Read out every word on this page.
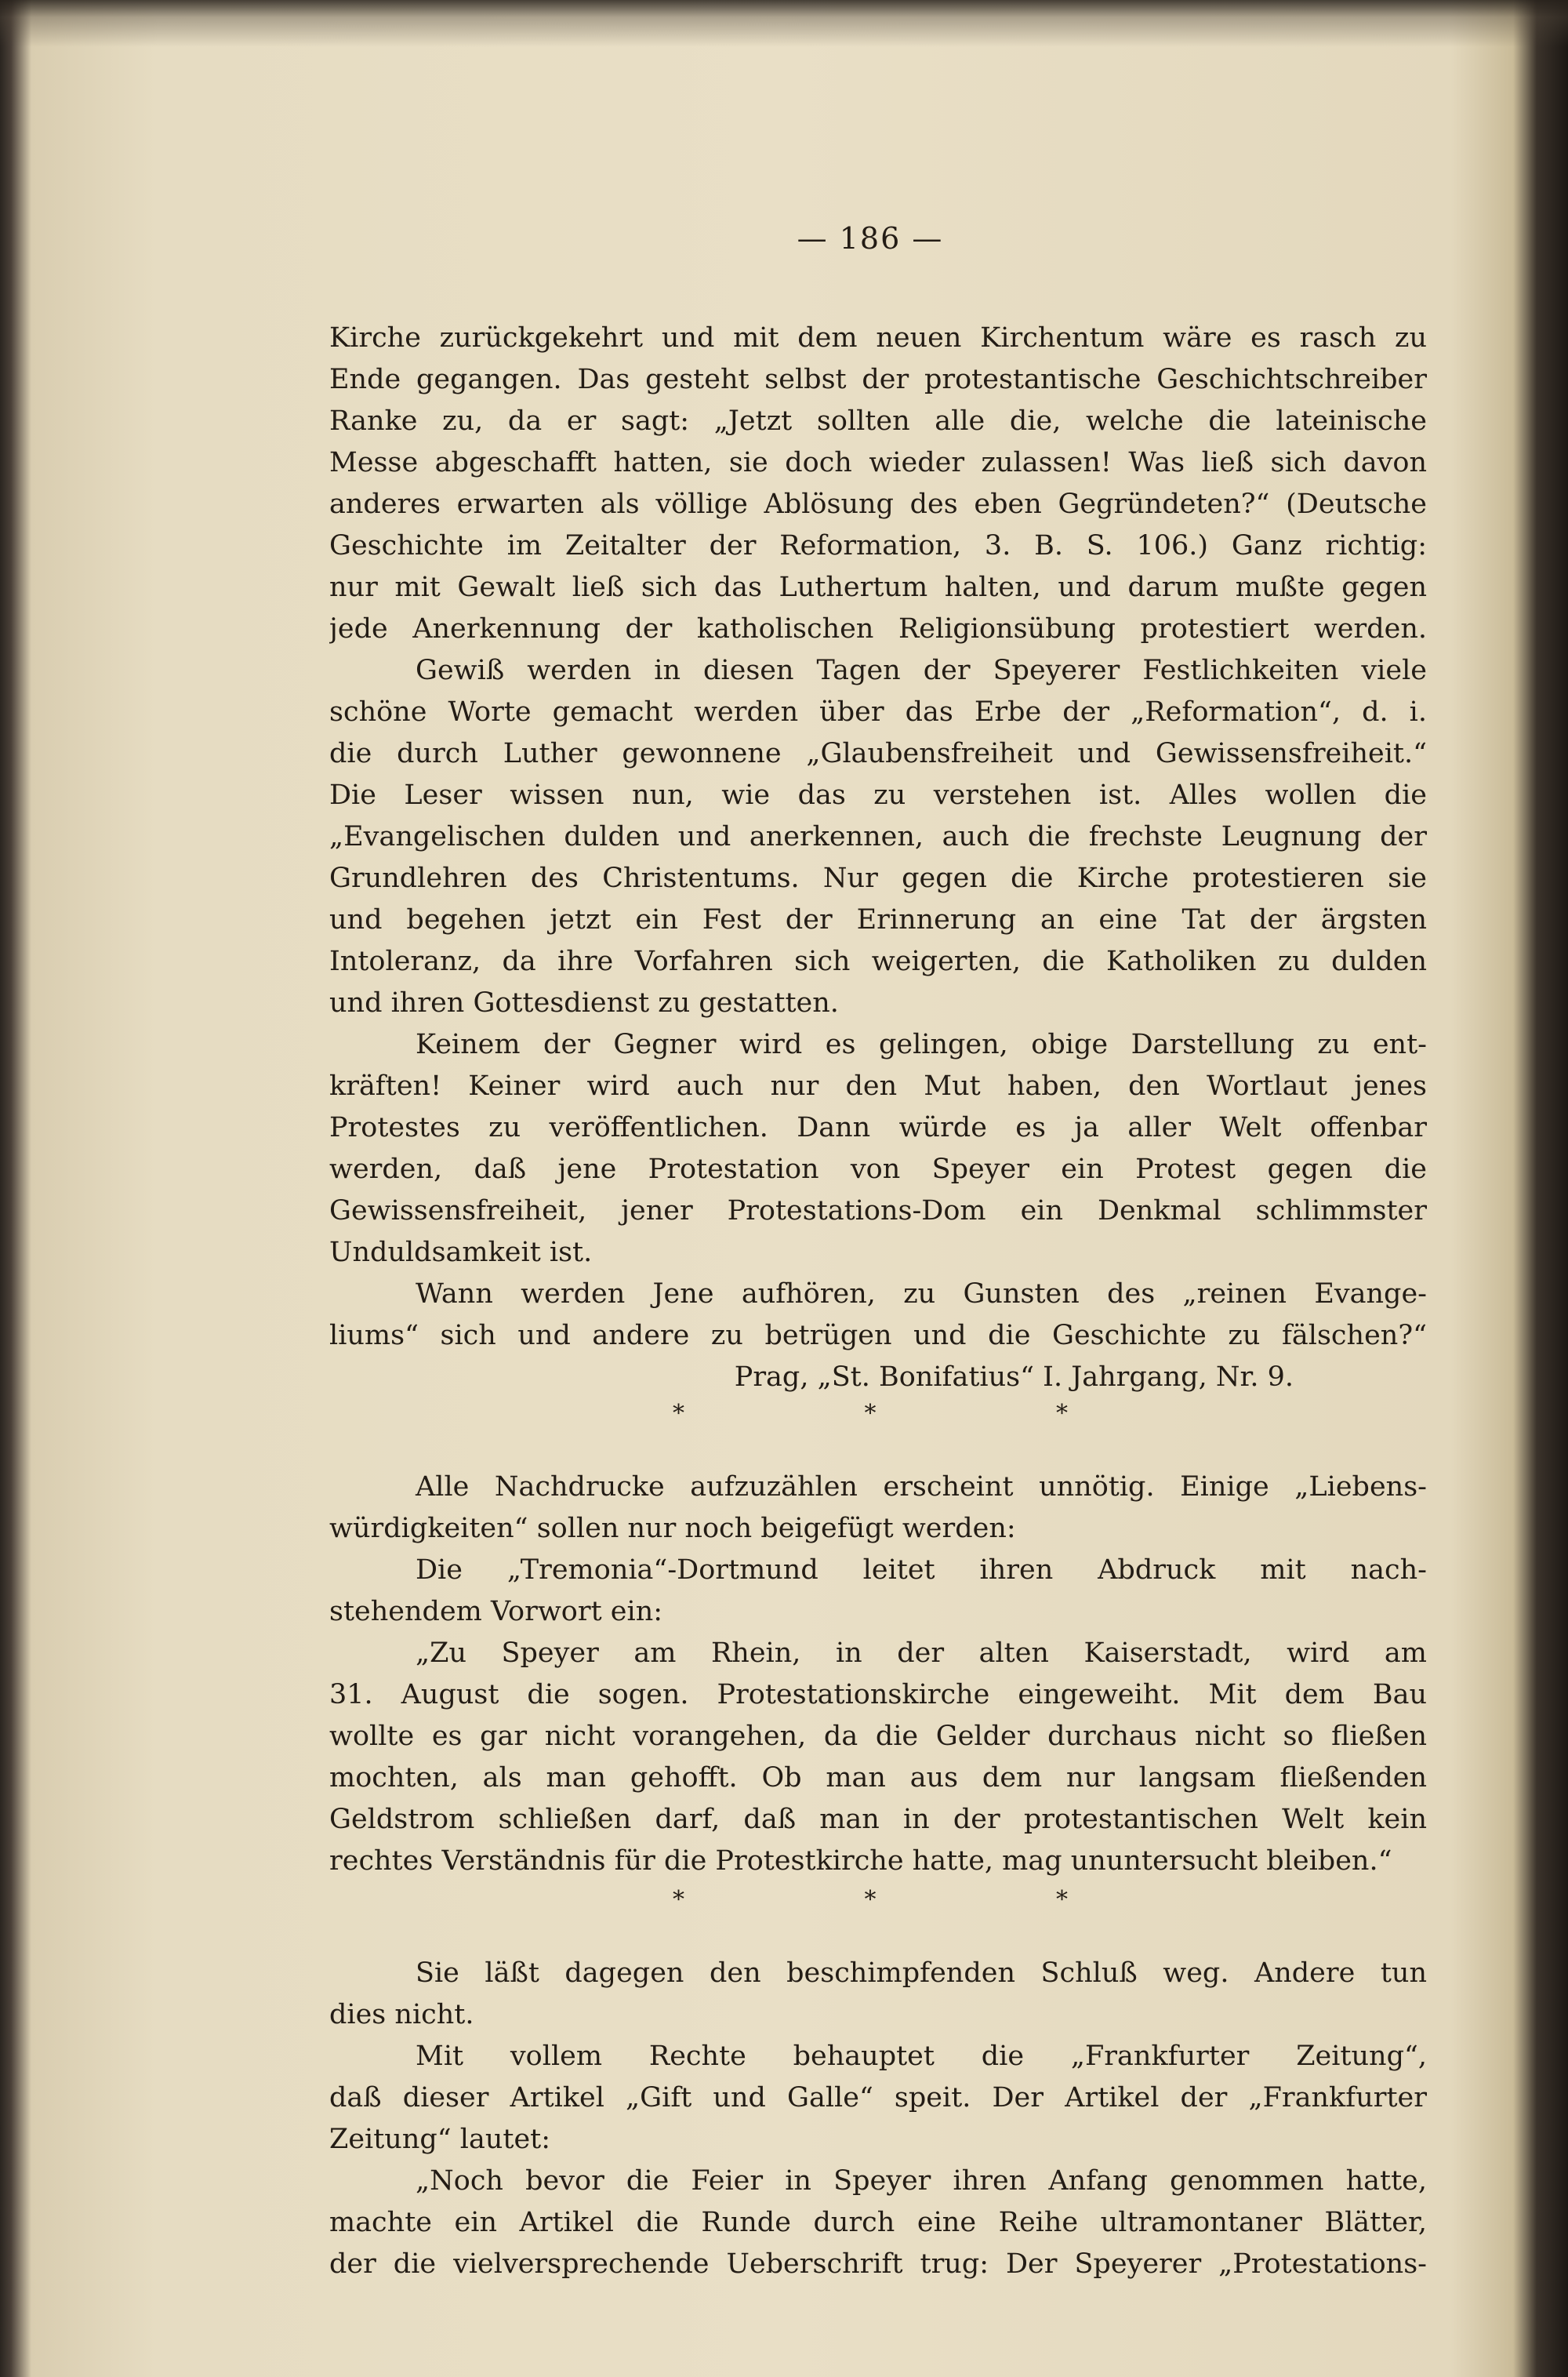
— 186 —
Kirche zurückgekehrt und mit dem neuen Kirchentum wäre es rasch zu
Ende gegangen. Das gesteht selbst der protestantische Geschichtschreiber
Ranke zu, da er sagt: „Jetzt sollten alle die, welche die lateinische
Messe abgeschafft hatten, sie doch wieder zulassen! Was ließ sich davon
anderes erwarten als völlige Ablösung des eben Gegründeten?“ (Deutsche
Geschichte im Zeitalter der Reformation, 3. B. S. 106.) Ganz richtig:
nur mit Gewalt ließ sich das Luthertum halten, und darum mußte gegen
jede Anerkennung der katholischen Religionsübung protestiert werden.
Gewiß werden in diesen Tagen der Speyerer Festlichkeiten viele
schöne Worte gemacht werden über das Erbe der „Reformation“, d. i.
die durch Luther gewonnene „Glaubensfreiheit und Gewissensfreiheit.“
Die Leser wissen nun, wie das zu verstehen ist. Alles wollen die
„Evangelischen dulden und anerkennen, auch die frechste Leugnung der
Grundlehren des Christentums. Nur gegen die Kirche protestieren sie
und begehen jetzt ein Fest der Erinnerung an eine Tat der ärgsten
Intoleranz, da ihre Vorfahren sich weigerten, die Katholiken zu dulden
und ihren Gottesdienst zu gestatten.
Keinem der Gegner wird es gelingen, obige Darstellung zu ent-
kräften! Keiner wird auch nur den Mut haben, den Wortlaut jenes
Protestes zu veröffentlichen. Dann würde es ja aller Welt offenbar
werden, daß jene Protestation von Speyer ein Protest gegen die
Gewissensfreiheit, jener Protestations-Dom ein Denkmal schlimmster
Unduldsamkeit ist.
Wann werden Jene aufhören, zu Gunsten des „reinen Evange-
liums“ sich und andere zu betrügen und die Geschichte zu fälschen?“
Prag, „St. Bonifatius“ I. Jahrgang, Nr. 9.
* * *
Alle Nachdrucke aufzuzählen erscheint unnötig. Einige „Liebens-
würdigkeiten“ sollen nur noch beigefügt werden:
Die „Tremonia“-Dortmund leitet ihren Abdruck mit nach-
stehendem Vorwort ein:
„Zu Speyer am Rhein, in der alten Kaiserstadt, wird am
31. August die sogen. Protestationskirche eingeweiht. Mit dem Bau
wollte es gar nicht vorangehen, da die Gelder durchaus nicht so fließen
mochten, als man gehofft. Ob man aus dem nur langsam fließenden
Geldstrom schließen darf, daß man in der protestantischen Welt kein
rechtes Verständnis für die Protestkirche hatte, mag ununtersucht bleiben.“
* * *
Sie läßt dagegen den beschimpfenden Schluß weg. Andere tun
dies nicht.
Mit vollem Rechte behauptet die „Frankfurter Zeitung“,
daß dieser Artikel „Gift und Galle“ speit. Der Artikel der „Frankfurter
Zeitung“ lautet:
„Noch bevor die Feier in Speyer ihren Anfang genommen hatte,
machte ein Artikel die Runde durch eine Reihe ultramontaner Blätter,
der die vielversprechende Ueberschrift trug: Der Speyerer „Protestations-
